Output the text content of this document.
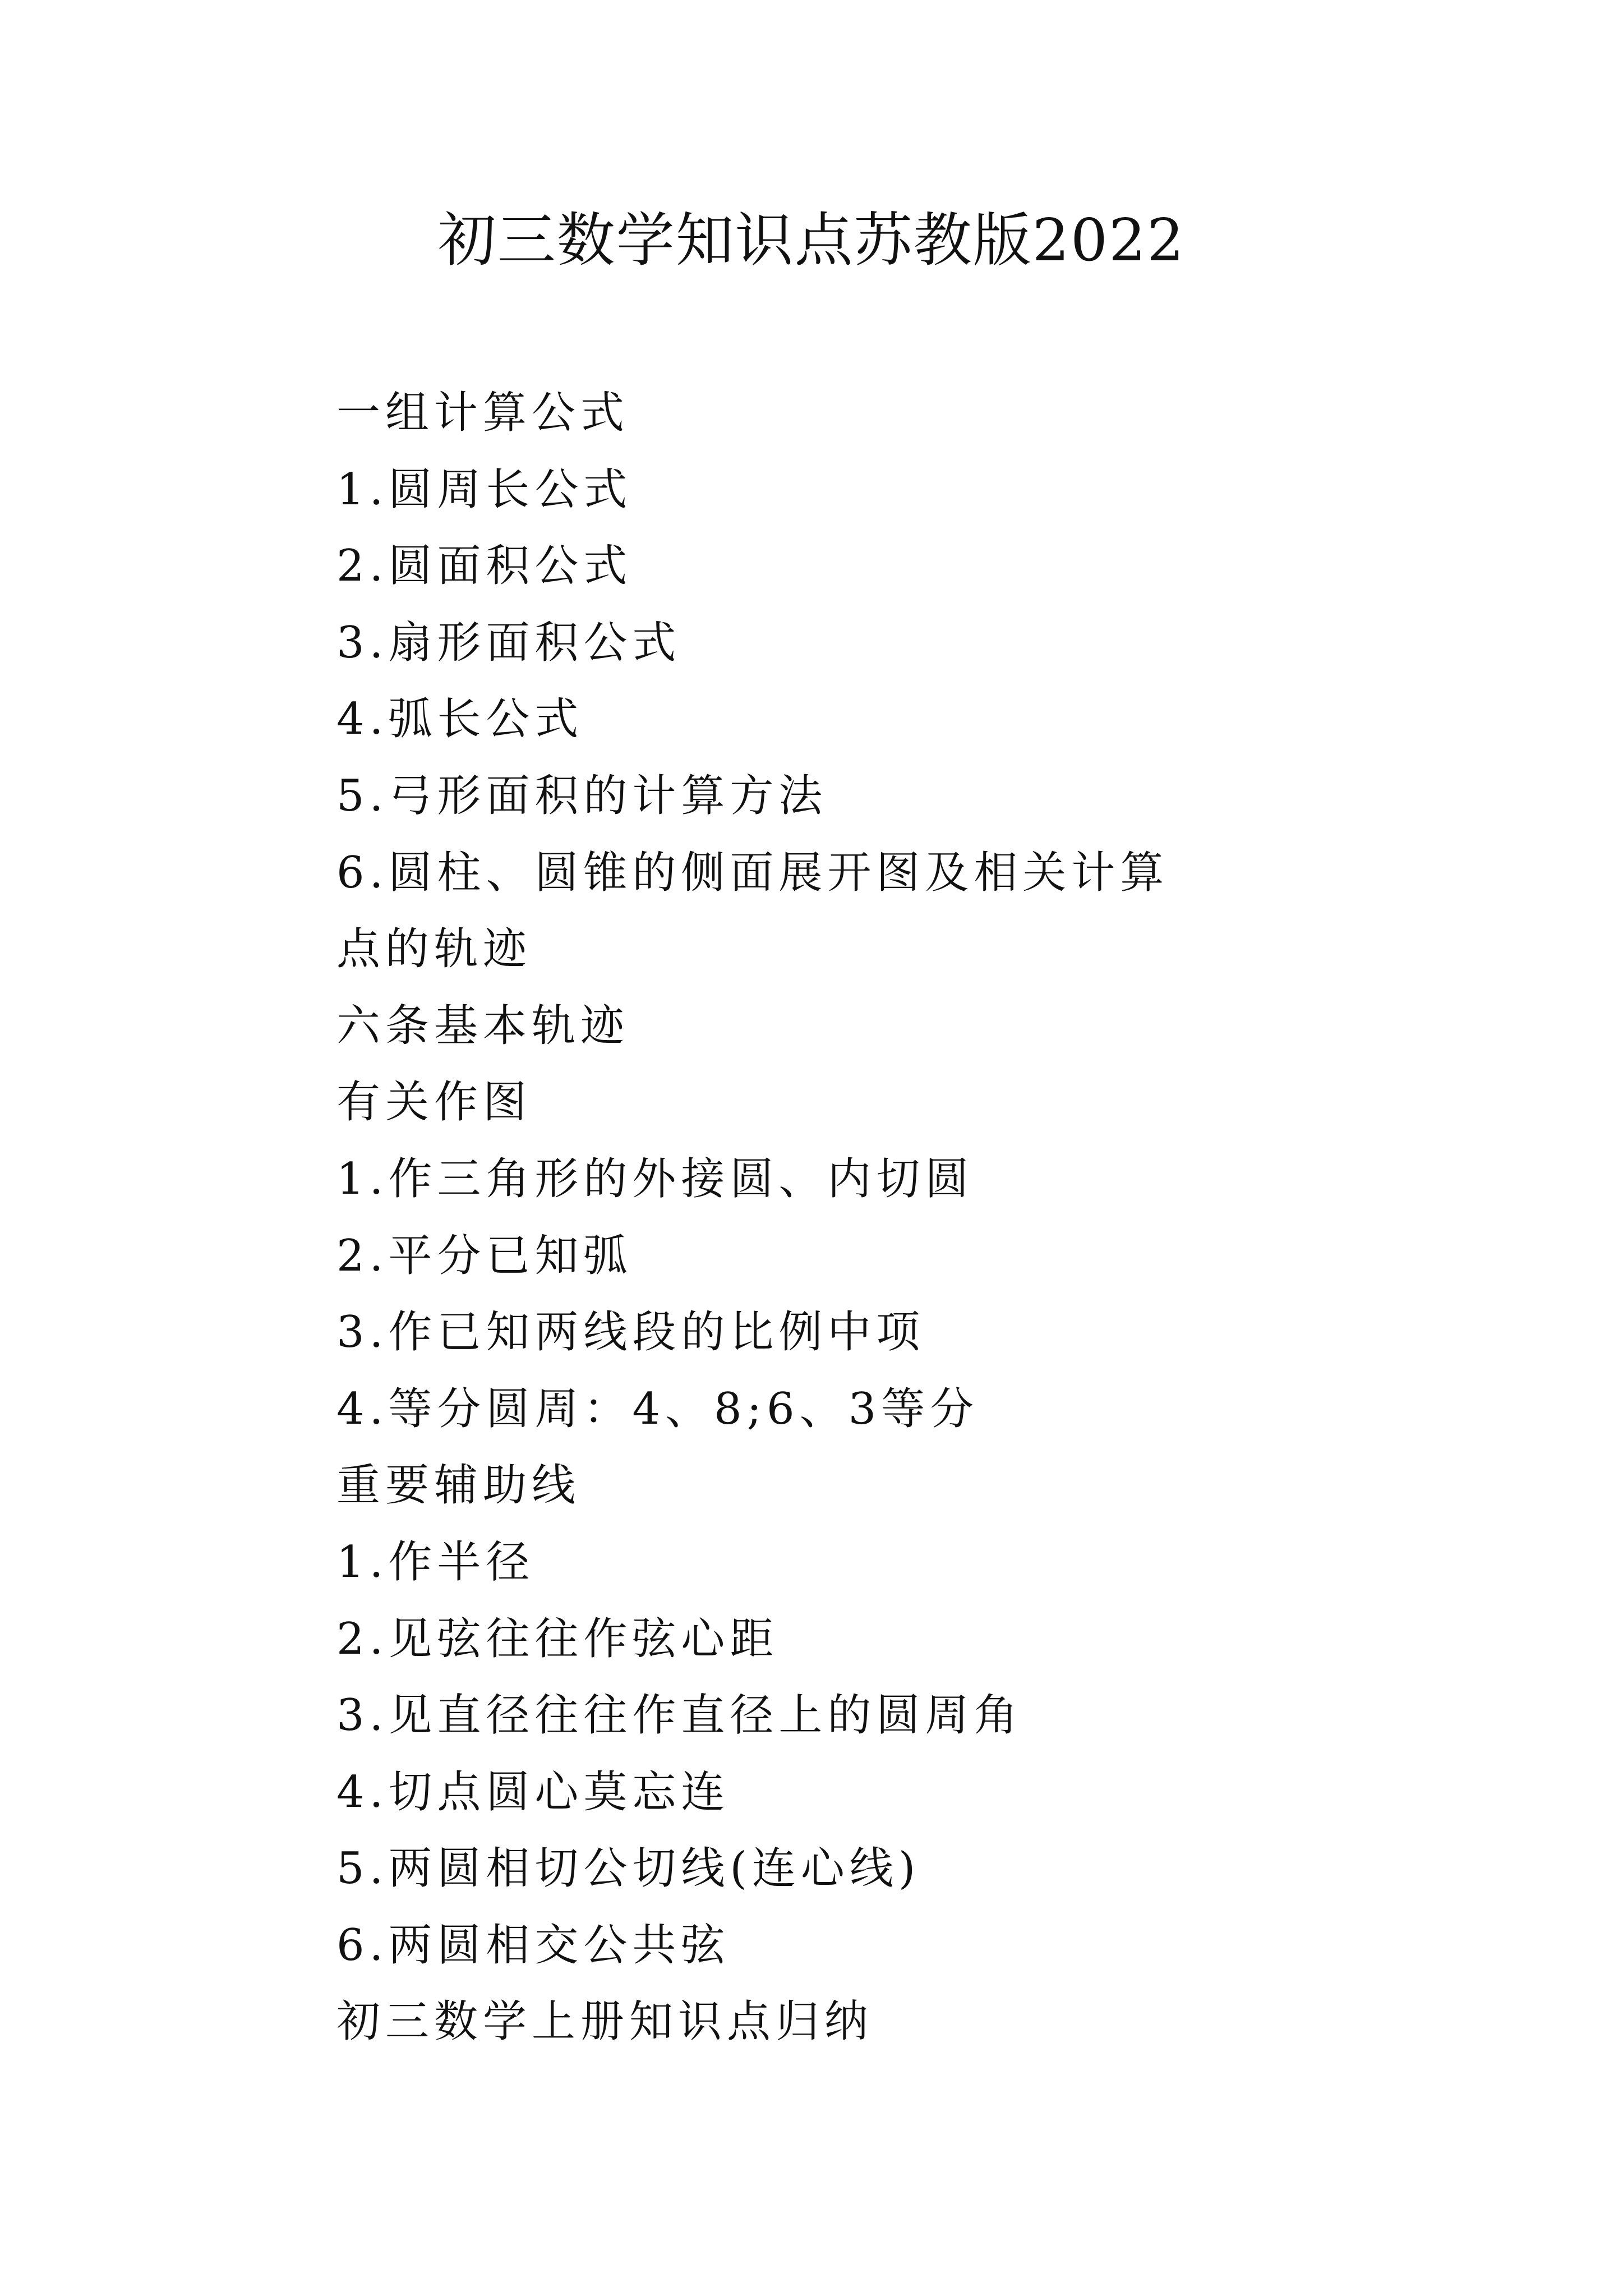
初三数学知识点苏教版2022
一组计算公式
1.圆周长公式
2.圆面积公式
3.扇形面积公式
4.弧长公式
5.弓形面积的计算方法
6.圆柱、圆锥的侧面展开图及相关计算
点的轨迹
六条基本轨迹
有关作图
1.作三角形的外接圆、内切圆
2.平分已知弧
3.作已知两线段的比例中项
4.等分圆周：4、8;6、3等分
重要辅助线
1.作半径
2.见弦往往作弦心距
3.见直径往往作直径上的圆周角
4.切点圆心莫忘连
5.两圆相切公切线(连心线)
6.两圆相交公共弦
初三数学上册知识点归纳
